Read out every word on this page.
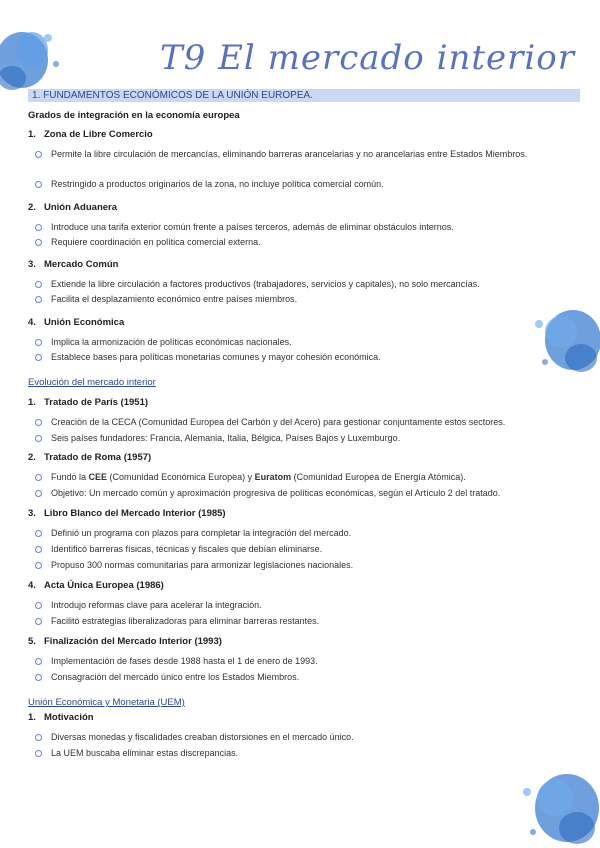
T9 El mercado interior
1. FUNDAMENTOS ECONÓMICOS DE LA UNIÓN EUROPEA.
Grados de integración en la economía europea
1. Zona de Libre Comercio
Permite la libre circulación de mercancías, eliminando barreras arancelarias y no arancelarias entre Estados Miembros.
Restringido a productos originarios de la zona, no incluye política comercial común.
2. Unión Aduanera
Introduce una tarifa exterior común frente a países terceros, además de eliminar obstáculos internos.
Requiere coordinación en política comercial externa.
3. Mercado Común
Extiende la libre circulación a factores productivos (trabajadores, servicios y capitales), no solo mercancías.
Facilita el desplazamiento económico entre países miembros.
4. Unión Económica
Implica la armonización de políticas económicas nacionales.
Establece bases para políticas monetarias comunes y mayor cohesión económica.
Evolución del mercado interior
1. Tratado de París (1951)
Creación de la CECA (Comunidad Europea del Carbón y del Acero) para gestionar conjuntamente estos sectores.
Seis países fundadores: Francia, Alemania, Italia, Bélgica, Países Bajos y Luxemburgo.
2. Tratado de Roma (1957)
Fundó la CEE (Comunidad Económica Europea) y Euratom (Comunidad Europea de Energía Atómica).
Objetivo: Un mercado común y aproximación progresiva de políticas económicas, según el Artículo 2 del tratado.
3. Libro Blanco del Mercado Interior (1985)
Definió un programa con plazos para completar la integración del mercado.
Identificó barreras físicas, técnicas y fiscales que debían eliminarse.
Propuso 300 normas comunitarias para armonizar legislaciones nacionales.
4. Acta Única Europea (1986)
Introdujo reformas clave para acelerar la integración.
Facilitó estrategias liberalizadoras para eliminar barreras restantes.
5. Finalización del Mercado Interior (1993)
Implementación de fases desde 1988 hasta el 1 de enero de 1993.
Consagración del mercado único entre los Estados Miembros.
Unión Económica y Monetaria (UEM)
1. Motivación
Diversas monedas y fiscalidades creaban distorsiones en el mercado único.
La UEM buscaba eliminar estas discrepancias.
